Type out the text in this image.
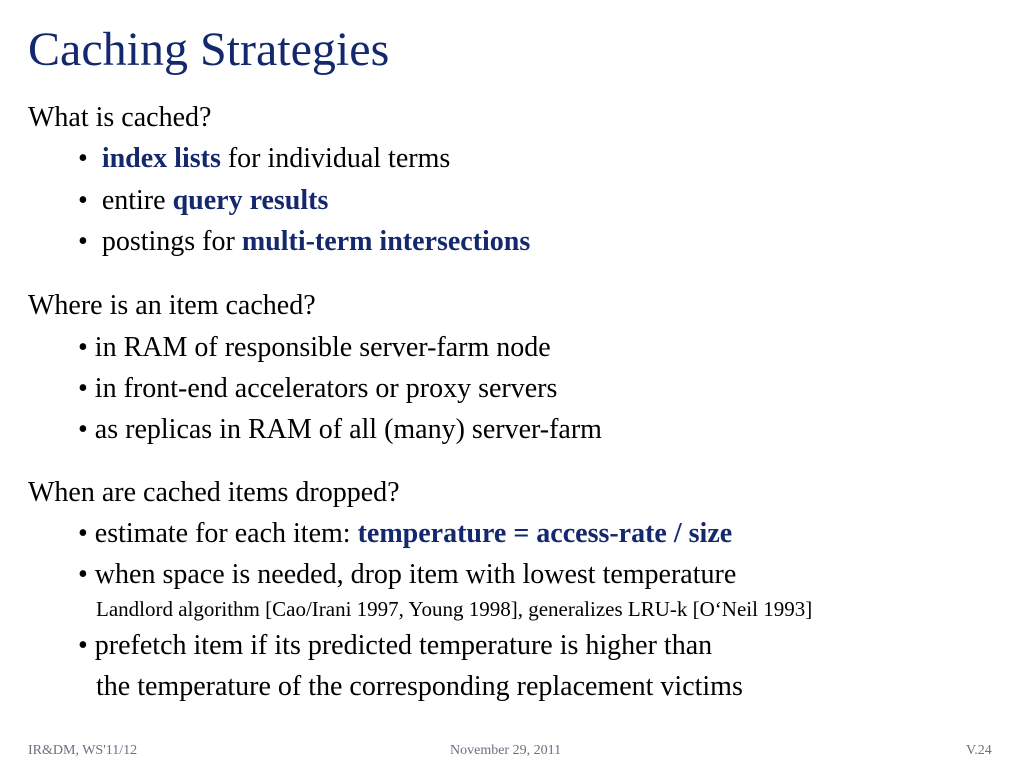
Caching Strategies
What is cached?
• index lists for individual terms
• entire query results
• postings for multi-term intersections
Where is an item cached?
• in RAM of responsible server-farm node
• in front-end accelerators or proxy servers
• as replicas in RAM of all (many) server-farm
When are cached items dropped?
• estimate for each item: temperature = access-rate / size
• when space is needed, drop item with lowest temperature
Landlord algorithm [Cao/Irani 1997, Young 1998], generalizes LRU-k [O‘Neil 1993]
• prefetch item if its predicted temperature is higher than
the temperature of the corresponding replacement victims
IR&DM, WS'11/12	November 29, 2011	V.24
